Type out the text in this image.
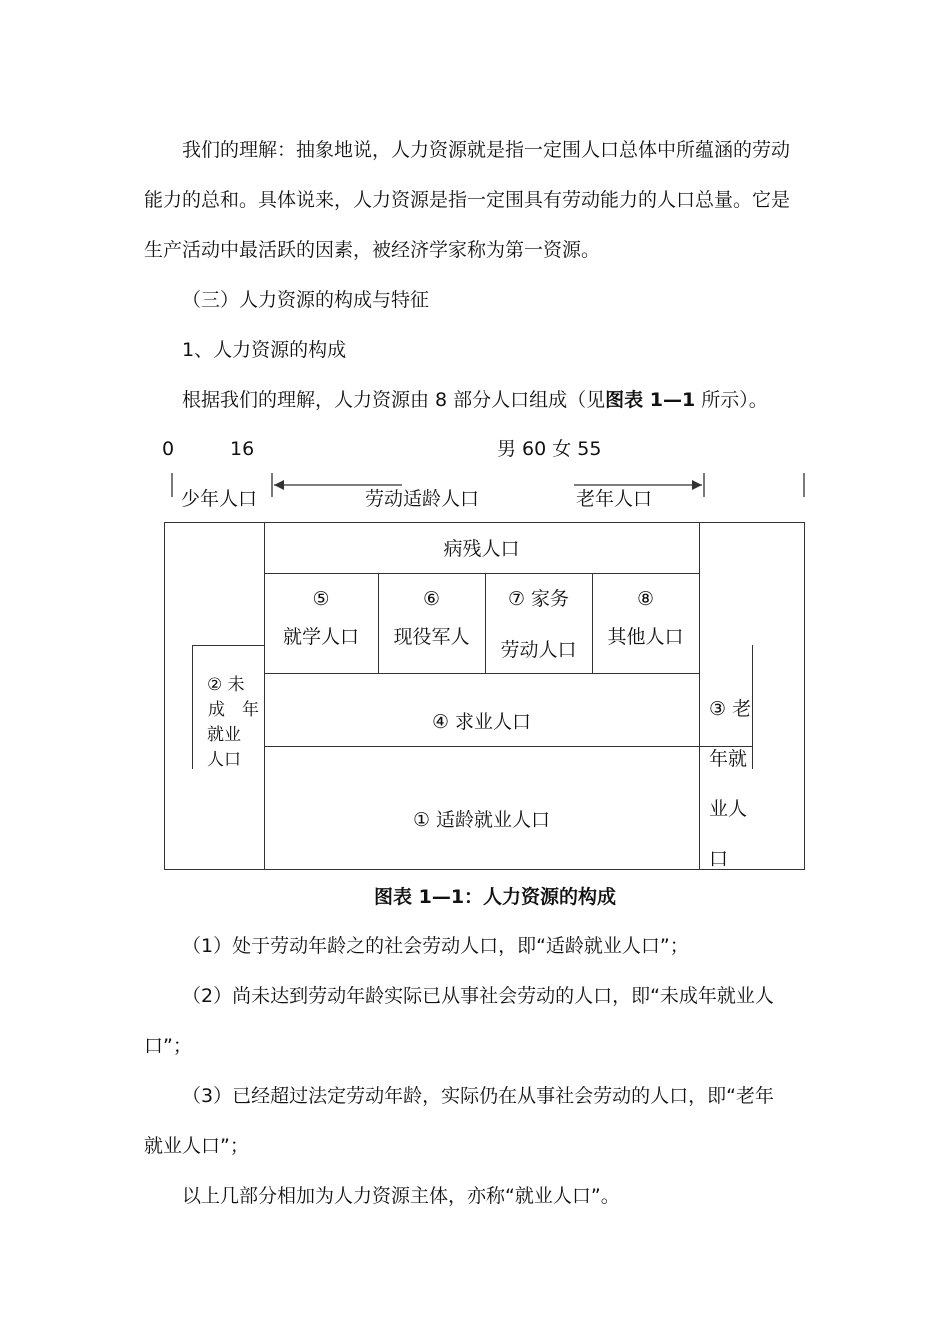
我们的理解：抽象地说，人力资源就是指一定围人口总体中所蕴涵的劳动
能力的总和。具体说来，人力资源是指一定围具有劳动能力的人口总量。它是
生产活动中最活跃的因素，被经济学家称为第一资源。
（三）人力资源的构成与特征
1、人力资源的构成
根据我们的理解，人力资源由 8 部分人口组成（见图表 1—1 所示）。
0	16	男 60 女 55
少年人口	劳动适龄人口	老年人口
病残人口
⑤
就学人口
⑥
现役军人
⑦ 家务
劳动人口
⑧
其他人口
② 未
成　年
就业
人口
④ 求业人口
① 适龄就业人口
③ 老
年就
业人
口
图表 1—1：人力资源的构成
（1）处于劳动年龄之的社会劳动人口，即“适龄就业人口”；
（2）尚未达到劳动年龄实际已从事社会劳动的人口，即“未成年就业人
口”；
（3）已经超过法定劳动年龄，实际仍在从事社会劳动的人口，即“老年
就业人口”；
以上几部分相加为人力资源主体，亦称“就业人口”。
